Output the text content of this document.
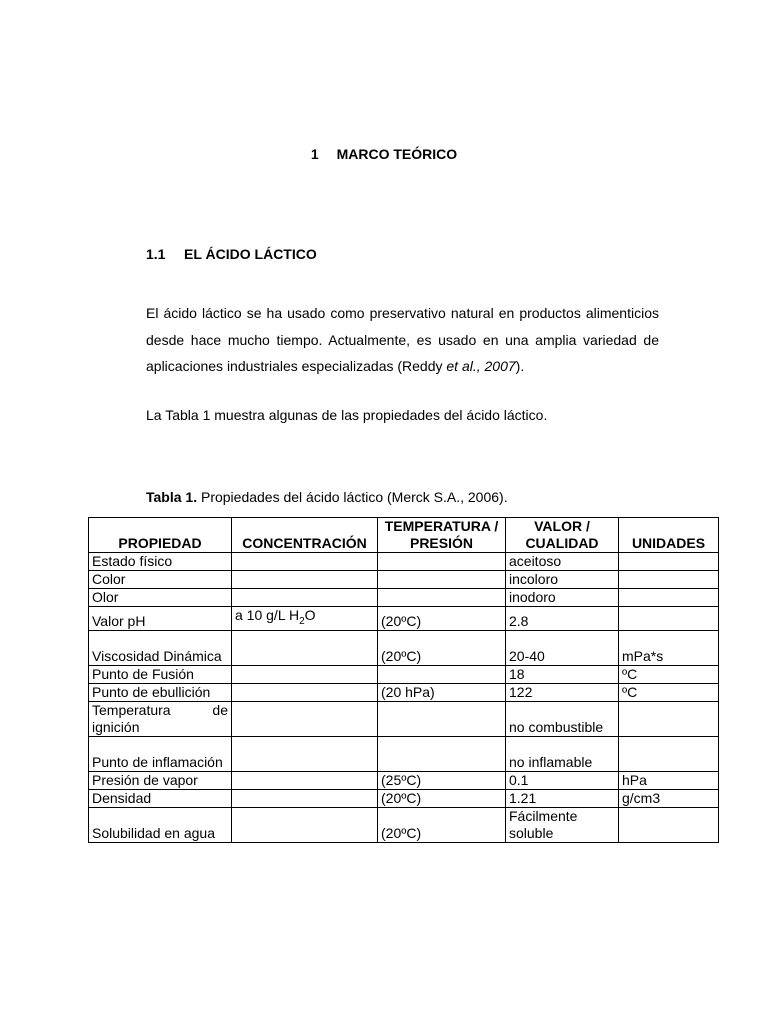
1 MARCO TEÓRICO
1.1 EL ÁCIDO LÁCTICO
El ácido láctico se ha usado como preservativo natural en productos alimenticios desde hace mucho tiempo. Actualmente, es usado en una amplia variedad de aplicaciones industriales especializadas (Reddy et al., 2007).
La Tabla 1 muestra algunas de las propiedades del ácido láctico.
Tabla 1. Propiedades del ácido láctico (Merck S.A., 2006).
PROPIEDAD	CONCENTRACIÓN	TEMPERATURA / PRESIÓN	VALOR / CUALIDAD	UNIDADES
Estado físico			aceitoso	
Color			incoloro	
Olor			inodoro	
Valor pH	a 10 g/L $H_2O$	(20ºC)	2.8	
Viscosidad Dinámica		(20ºC)	20-40	mPa*s
Punto de Fusión			18	ºC
Punto de ebullición		(20 hPa)	122	ºC
Temperatura de ignición			no combustible	
Punto de inflamación			no inflamable	
Presión de vapor		(25ºC)	0.1	hPa
Densidad		(20ºC)	1.21	g/cm3
Solubilidad en agua		(20ºC)	Fácilmente soluble	
